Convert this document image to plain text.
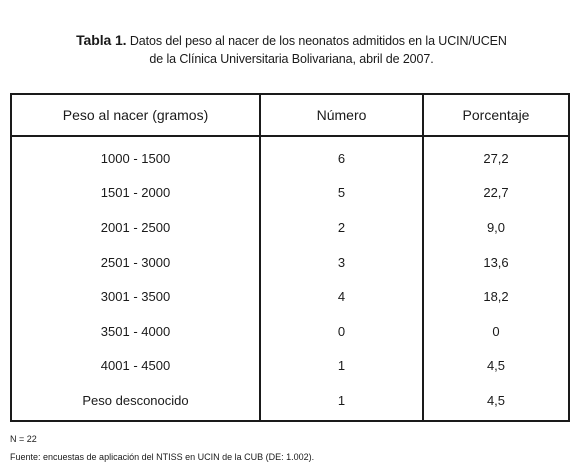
Tabla 1. Datos del peso al nacer de los neonatos admitidos en la UCIN/UCEN
de la Clínica Universitaria Bolivariana, abril de 2007.
Peso al nacer (gramos)	Número	Porcentaje
1000 - 1500
1501 - 2000
2001 - 2500
2501 - 3000
3001 - 3500
3501 - 4000
4001 - 4500
Peso desconocido
6
5
2
3
4
0
1
1
27,2
22,7
9,0
13,6
18,2
0
4,5
4,5
N = 22
Fuente: encuestas de aplicación del NTISS en UCIN de la CUB (DE: 1.002).
